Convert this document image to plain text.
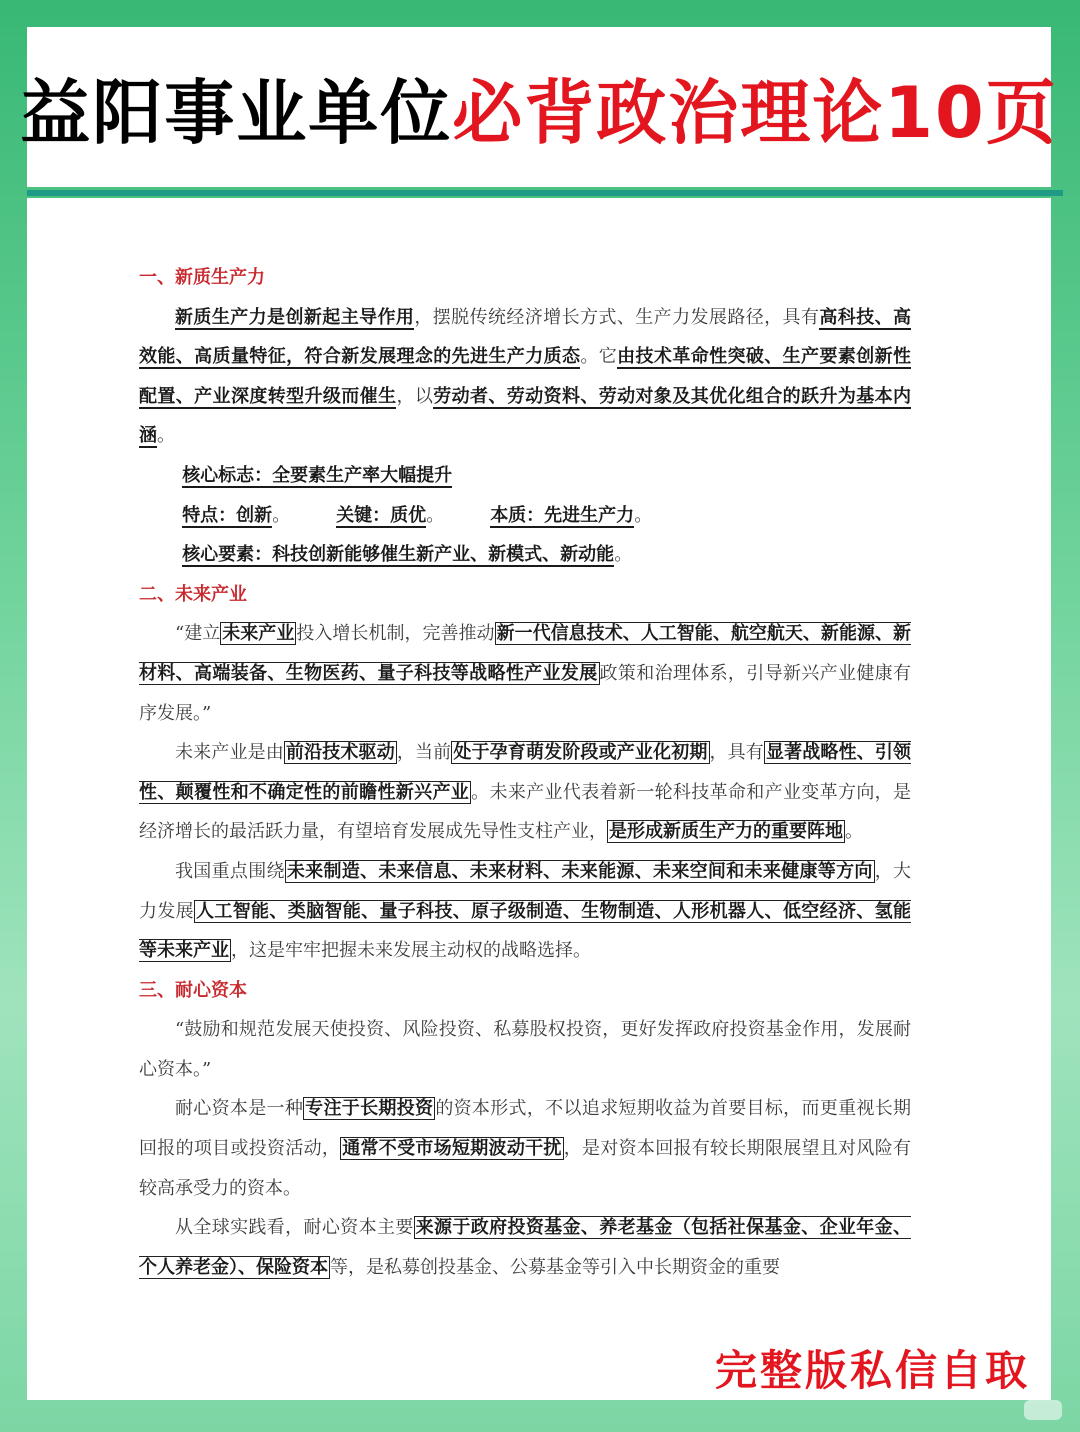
益阳事业单位 必背政治理论10页
一、新质生产力

新质生产力是创新起主导作用，摆脱传统经济增长方式、生产力发展路径，具有高科技、高效能、高质量特征，符合新发展理念的先进生产力质态。它由技术革命性突破、生产要素创新性配置、产业深度转型升级而催生，以劳动者、劳动资料、劳动对象及其优化组合的跃升为基本内涵。

核心标志：全要素生产率大幅提升
特点：创新。	关键：质优。	本质：先进生产力。
核心要素：科技创新能够催生新产业、新模式、新动能。
二、未来产业

“建立 未来产业 投入增长机制，完善推动 新一代信息技术、人工智能、航空航天、新能源、新材料、高端装备、生物医药、量子科技等战略性产业发展 政策和治理体系，引导新兴产业健康有序发展。”

未来产业是由 前沿技术驱动 ，当前 处于孕育萌发阶段或产业化初期 ，具有 显著战略性、引领性、颠覆性和不确定性的前瞻性新兴产业 。未来产业代表着新一轮科技革命和产业变革方向，是经济增长的最活跃力量，有望培育发展成先导性支柱产业， 是形成新质生产力的重要阵地 。

我国重点围绕 未来制造、未来信息、未来材料、未来能源、未来空间和未来健康等方向 ，大力发展 人工智能、类脑智能、量子科技、原子级制造、生物制造、人形机器人、低空经济、氢能等未来产业 ，这是牢牢把握未来发展主动权的战略选择。

三、耐心资本

“鼓励和规范发展天使投资、风险投资、私募股权投资，更好发挥政府投资基金作用，发展耐心资本。”

耐心资本是一种 专注于长期投资 的资本形式，不以追求短期收益为首要目标，而更重视长期回报的项目或投资活动， 通常不受市场短期波动干扰 ，是对资本回报有较长期限展望且对风险有较高承受力的资本。

从全球实践看，耐心资本主要 来源于政府投资基金、养老基金（包括社保基金、企业年金、个人养老金）、保险资本 等，是私募创投基金、公募基金等引入中长期资金的重要

完整版私信自取
